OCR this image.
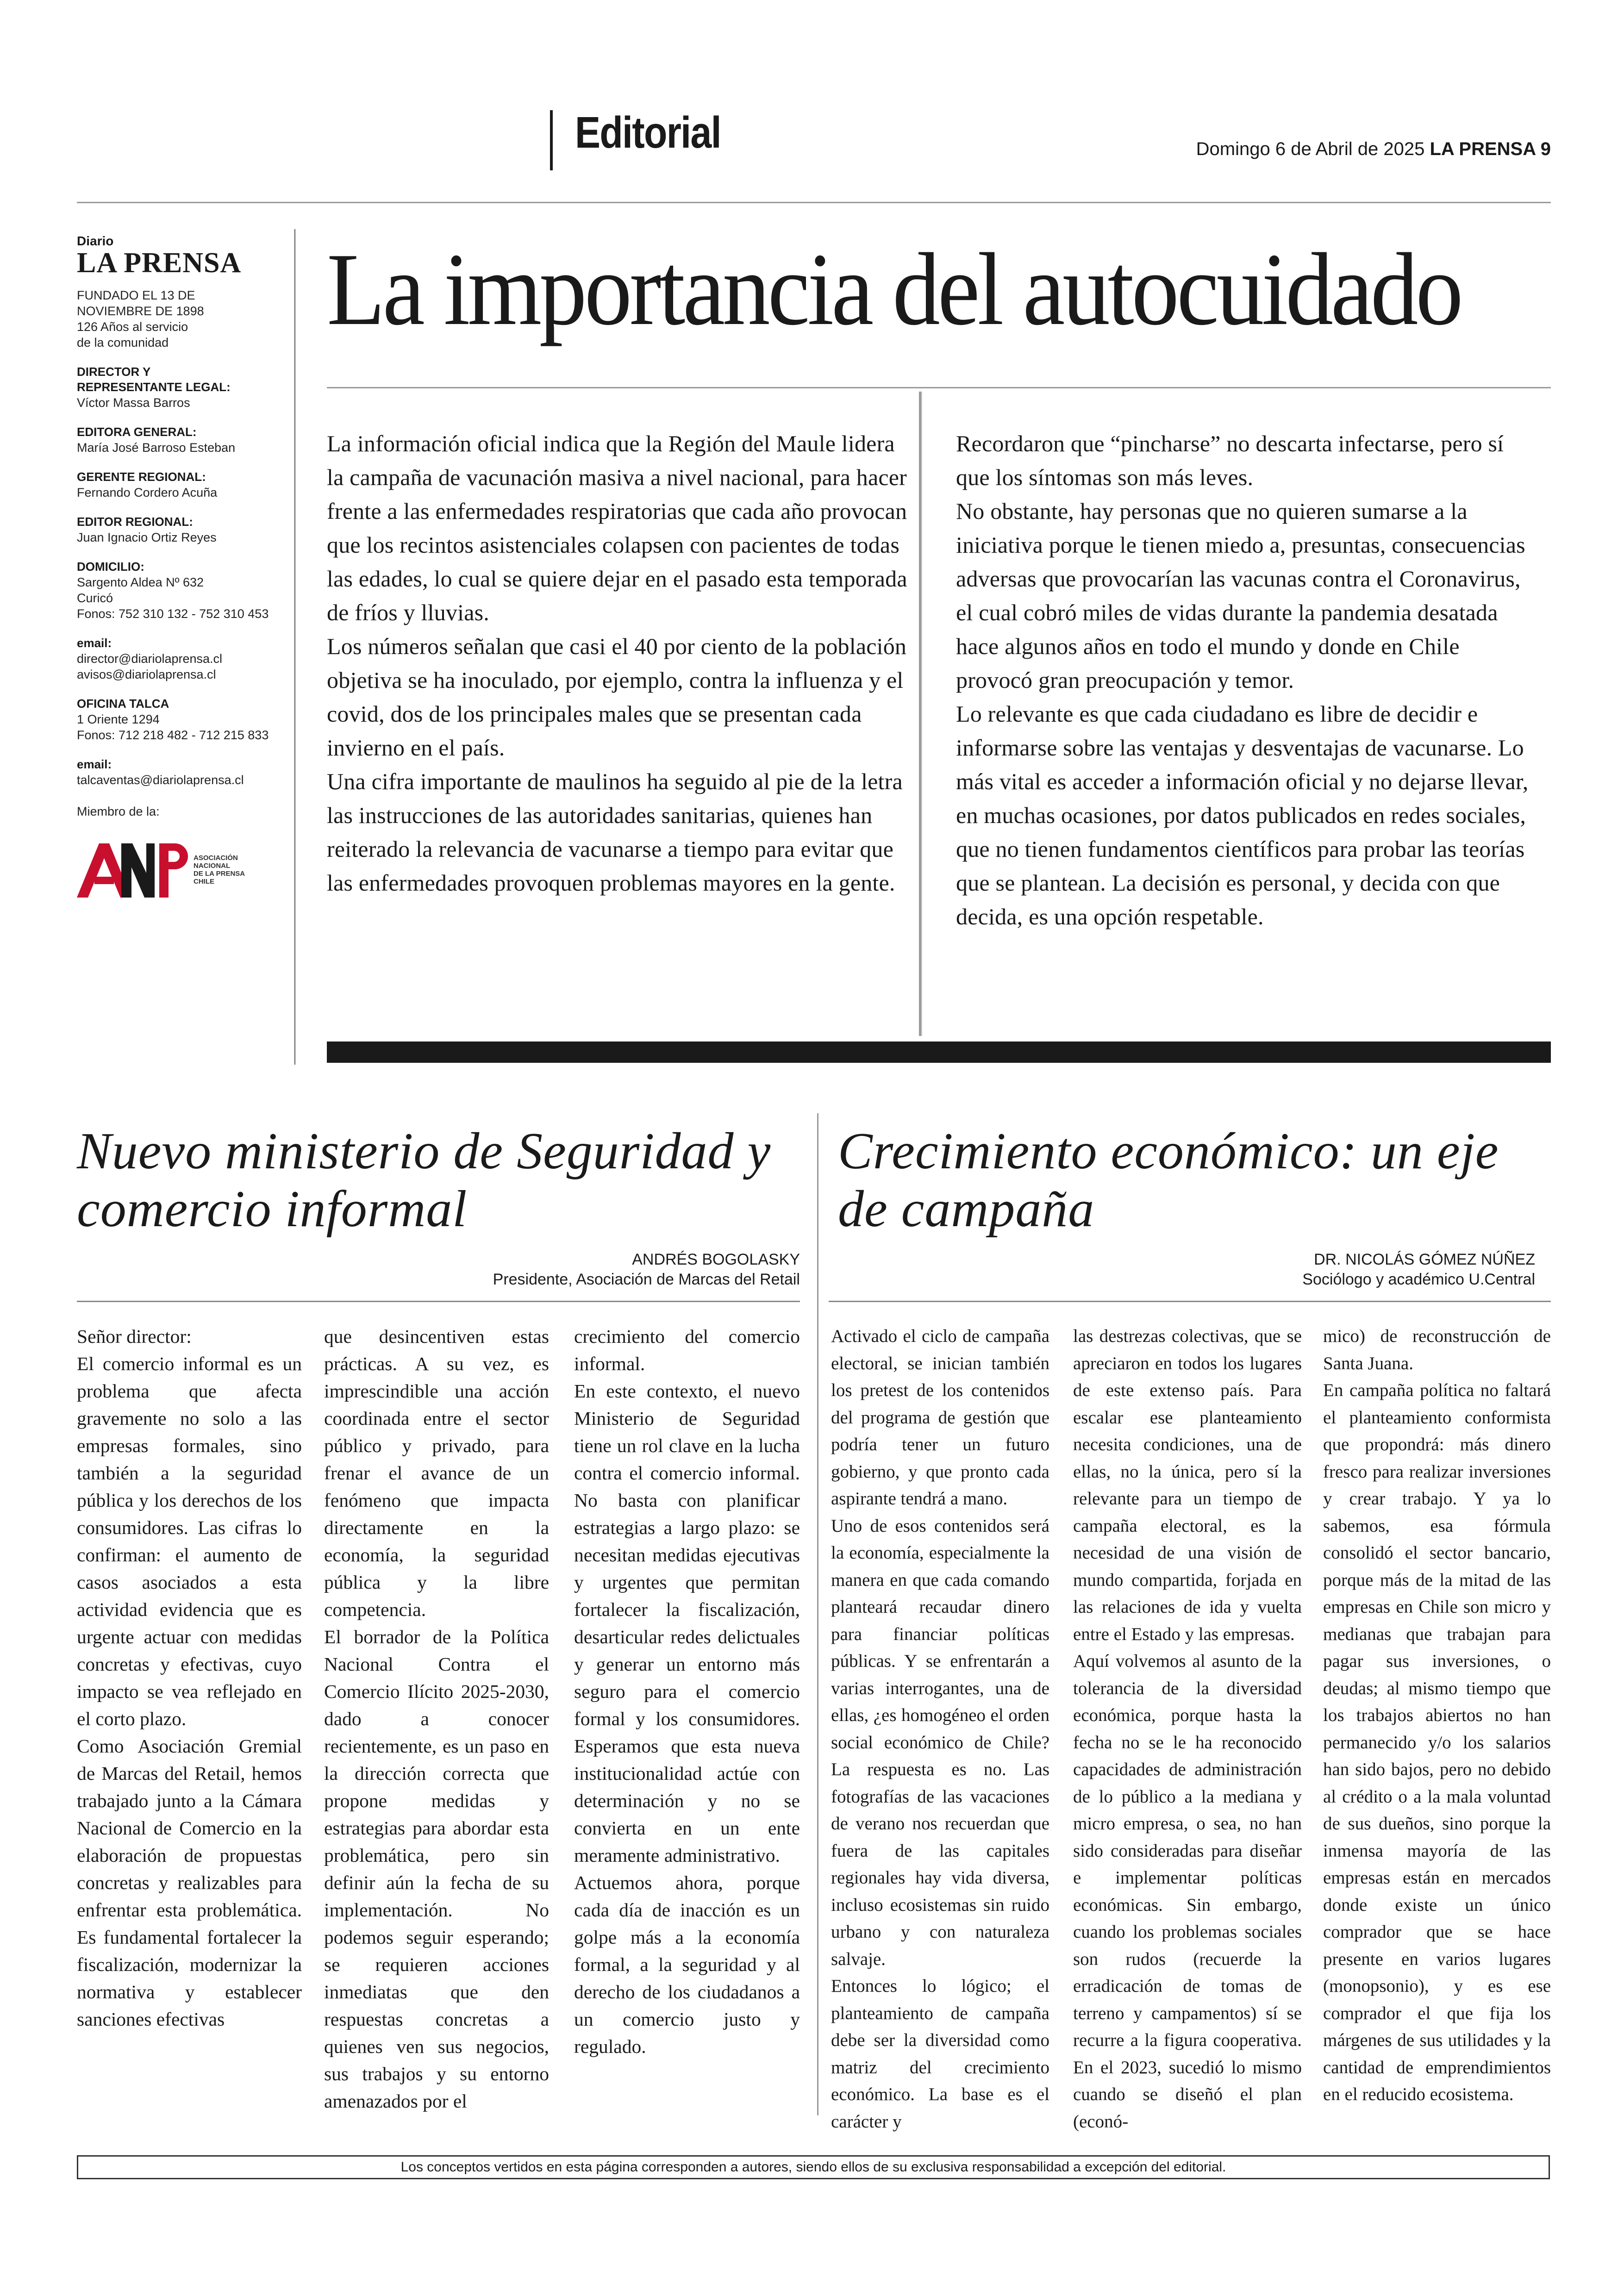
Editorial	Domingo 6 de Abril de 2025 LA PRENSA 9
Diario
LA PRENSA
FUNDADO EL 13 DE
NOVIEMBRE DE 1898
126 Años al servicio
de la comunidad
DIRECTOR Y
REPRESENTANTE LEGAL:
Víctor Massa Barros
EDITORA GENERAL:
María José Barroso Esteban
GERENTE REGIONAL:
Fernando Cordero Acuña
EDITOR REGIONAL:
Juan Ignacio Ortiz Reyes
DOMICILIO:
Sargento Aldea Nº 632
Curicó
Fonos: 752 310 132 - 752 310 453
email:
director@diariolaprensa.cl
avisos@diariolaprensa.cl
OFICINA TALCA
1 Oriente 1294
Fonos: 712 218 482 - 712 215 833
email:
talcaventas@diariolaprensa.cl
Miembro de la:
ASOCIACIÓN
NACIONAL
DE LA PRENSA
CHILE
La importancia del autocuidado

La información oficial indica que la Región del Maule lidera la campaña de vacunación masiva a nivel nacional, para hacer frente a las enfermedades respiratorias que cada año provocan que los recintos asistenciales colapsen con pacientes de todas las edades, lo cual se quiere dejar en el pasado esta temporada de fríos y lluvias.

Los números señalan que casi el 40 por ciento de la población objetiva se ha inoculado, por ejemplo, contra la influenza y el covid, dos de los principales males que se presentan cada invierno en el país.

Una cifra importante de maulinos ha seguido al pie de la letra las instrucciones de las autoridades sanitarias, quienes han reiterado la relevancia de vacunarse a tiempo para evitar que las enfermedades provoquen problemas mayores en la gente.

Recordaron que “pincharse” no descarta infectarse, pero sí que los síntomas son más leves.

No obstante, hay personas que no quieren sumarse a la iniciativa porque le tienen miedo a, presuntas, consecuencias adversas que provocarían las vacunas contra el Coronavirus, el cual cobró miles de vidas durante la pandemia desatada hace algunos años en todo el mundo y donde en Chile provocó gran preocupación y temor.

Lo relevante es que cada ciudadano es libre de decidir e informarse sobre las ventajas y desventajas de vacunarse. Lo más vital es acceder a información oficial y no dejarse llevar, en muchas ocasiones, por datos publicados en redes sociales, que no tienen fundamentos científicos para probar las teorías que se plantean. La decisión es personal, y decida con que decida, es una opción respetable.

Nuevo ministerio de Seguridad y comercio informal
ANDRÉS BOGOLASKY
Presidente, Asociación de Marcas del Retail

Señor director:

El comercio informal es un problema que afecta gravemente no solo a las empresas formales, sino también a la seguridad pública y los derechos de los consumidores. Las cifras lo confirman: el aumento de casos asociados a esta actividad evidencia que es urgente actuar con medidas concretas y efectivas, cuyo impacto se vea reflejado en el corto plazo.

Como Asociación Gremial de Marcas del Retail, hemos trabajado junto a la Cámara Nacional de Comercio en la elaboración de propuestas concretas y realizables para enfrentar esta problemática. Es fundamental fortalecer la fiscalización, modernizar la normativa y establecer sanciones efectivas

que desincentiven estas prácticas. A su vez, es imprescindible una acción coordinada entre el sector público y privado, para frenar el avance de un fenómeno que impacta directamente en la economía, la seguridad pública y la libre competencia.

El borrador de la Política Nacional Contra el Comercio Ilícito 2025-2030, dado a conocer recientemente, es un paso en la dirección correcta que propone medidas y estrategias para abordar esta problemática, pero sin definir aún la fecha de su implementación. No podemos seguir esperando; se requieren acciones inmediatas que den respuestas concretas a quienes ven sus negocios, sus trabajos y su entorno amenazados por el

crecimiento del comercio informal.

En este contexto, el nuevo Ministerio de Seguridad tiene un rol clave en la lucha contra el comercio informal. No basta con planificar estrategias a largo plazo: se necesitan medidas ejecutivas y urgentes que permitan fortalecer la fiscalización, desarticular redes delictuales y generar un entorno más seguro para el comercio formal y los consumidores. Esperamos que esta nueva institucionalidad actúe con determinación y no se convierta en un ente meramente administrativo.

Actuemos ahora, porque cada día de inacción es un golpe más a la economía formal, a la seguridad y al derecho de los ciudadanos a un comercio justo y regulado.

Crecimiento económico: un eje de campaña
DR. NICOLÁS GÓMEZ NÚÑEZ
Sociólogo y académico U.Central

Activado el ciclo de campaña electoral, se inician también los pretest de los contenidos del programa de gestión que podría tener un futuro gobierno, y que pronto cada aspirante tendrá a mano.

Uno de esos contenidos será la economía, especialmente la manera en que cada comando planteará recaudar dinero para financiar políticas públicas. Y se enfrentarán a varias interrogantes, una de ellas, ¿es homogéneo el orden social económico de Chile? La respuesta es no. Las fotografías de las vacaciones de verano nos recuerdan que fuera de las capitales regionales hay vida diversa, incluso ecosistemas sin ruido urbano y con naturaleza salvaje.

Entonces lo lógico; el planteamiento de campaña debe ser la diversidad como matriz del crecimiento económico. La base es el carácter y

las destrezas colectivas, que se apreciaron en todos los lugares de este extenso país. Para escalar ese planteamiento necesita condiciones, una de ellas, no la única, pero sí la relevante para un tiempo de campaña electoral, es la necesidad de una visión de mundo compartida, forjada en las relaciones de ida y vuelta entre el Estado y las empresas.

Aquí volvemos al asunto de la tolerancia de la diversidad económica, porque hasta la fecha no se le ha reconocido capacidades de administración de lo público a la mediana y micro empresa, o sea, no han sido consideradas para diseñar e implementar políticas económicas. Sin embargo, cuando los problemas sociales son rudos (recuerde la erradicación de tomas de terreno y campamentos) sí se recurre a la figura cooperativa. En el 2023, sucedió lo mismo cuando se diseñó el plan (econó-

mico) de reconstrucción de Santa Juana.

En campaña política no faltará el planteamiento conformista que propondrá: más dinero fresco para realizar inversiones y crear trabajo. Y ya lo sabemos, esa fórmula consolidó el sector bancario, porque más de la mitad de las empresas en Chile son micro y medianas que trabajan para pagar sus inversiones, o deudas; al mismo tiempo que los trabajos abiertos no han permanecido y/o los salarios han sido bajos, pero no debido al crédito o a la mala voluntad de sus dueños, sino porque la inmensa mayoría de las empresas están en mercados donde existe un único comprador que se hace presente en varios lugares (monopsonio), y es ese comprador el que fija los márgenes de sus utilidades y la cantidad de emprendimientos en el reducido ecosistema.

Los conceptos vertidos en esta página corresponden a autores, siendo ellos de su exclusiva responsabilidad a excepción del editorial.
